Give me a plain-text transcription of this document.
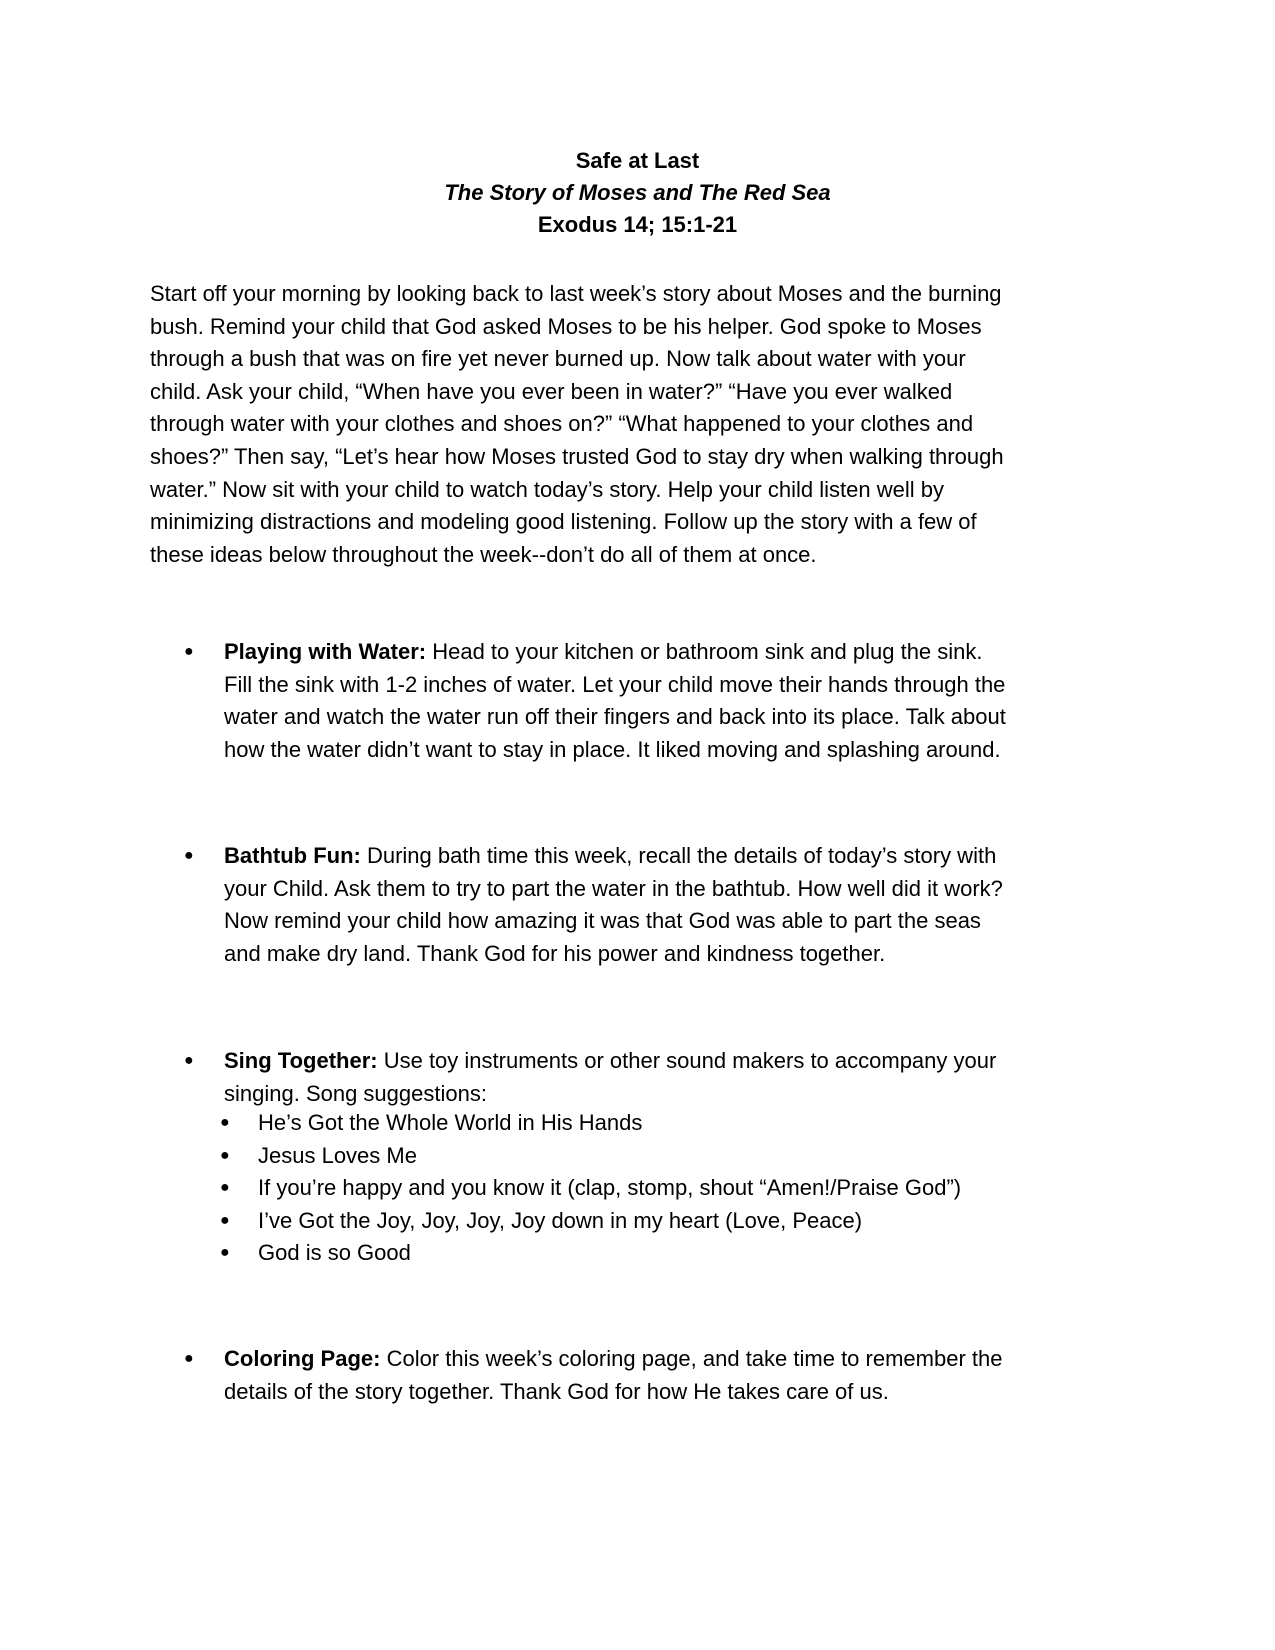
Safe at Last
The Story of Moses and The Red Sea
Exodus 14; 15:1-21

Start off your morning by looking back to last week’s story about Moses and the burning

bush. Remind your child that God asked Moses to be his helper. God spoke to Moses

through a bush that was on fire yet never burned up. Now talk about water with your

child. Ask your child, “When have you ever been in water?” “Have you ever walked

through water with your clothes and shoes on?” “What happened to your clothes and

shoes?” Then say, “Let’s hear how Moses trusted God to stay dry when walking through

water.” Now sit with your child to watch today’s story. Help your child listen well by

minimizing distractions and modeling good listening. Follow up the story with a few of

these ideas below throughout the week--don’t do all of them at once.

●	Playing with Water: Head to your kitchen or bathroom sink and plug the sink.
Fill the sink with 1-2 inches of water. Let your child move their hands through the
water and watch the water run off their fingers and back into its place. Talk about
how the water didn’t want to stay in place. It liked moving and splashing around.
●	Bathtub Fun: During bath time this week, recall the details of today’s story with
your Child. Ask them to try to part the water in the bathtub. How well did it work?
Now remind your child how amazing it was that God was able to part the seas
and make dry land. Thank God for his power and kindness together.
●	Sing Together: Use toy instruments or other sound makers to accompany your
singing. Song suggestions:
● He’s Got the Whole World in His Hands
● Jesus Loves Me
● If you’re happy and you know it (clap, stomp, shout “Amen!/Praise God”)
● I’ve Got the Joy, Joy, Joy, Joy down in my heart (Love, Peace)
● God is so Good
●	Coloring Page: Color this week’s coloring page, and take time to remember the
details of the story together. Thank God for how He takes care of us.
